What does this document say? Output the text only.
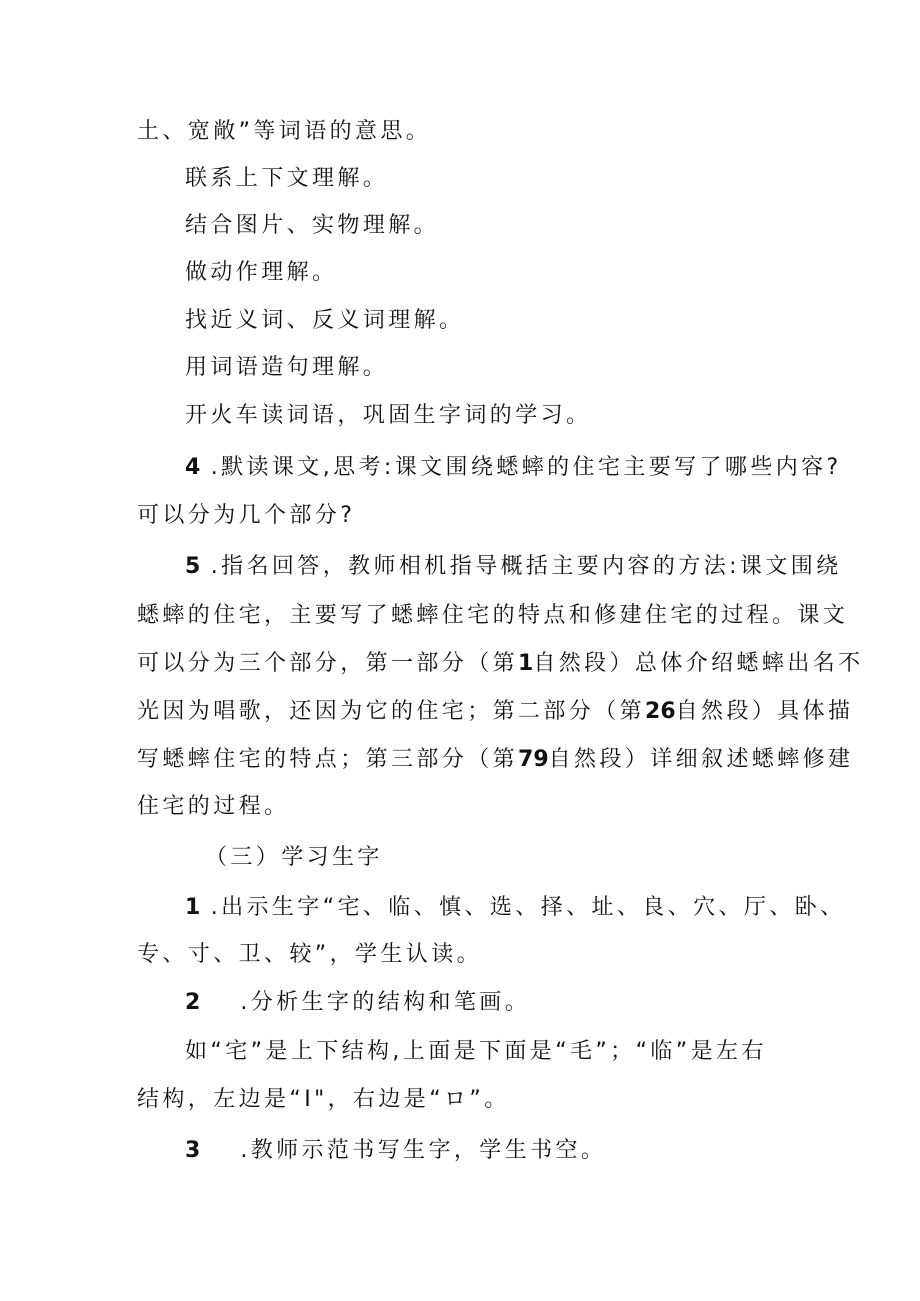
土、宽敞”等词语的意思。
联系上下文理解。
结合图片、实物理解。
做动作理解。
找近义词、反义词理解。
用词语造句理解。
开火车读词语，巩固生字词的学习。
4 .默读课文,思考:课文围绕蟋蟀的住宅主要写了哪些内容?
可以分为几个部分?
5 .指名回答，教师相机指导概括主要内容的方法:课文围绕
蟋蟀的住宅，主要写了蟋蟀住宅的特点和修建住宅的过程。课文
可以分为三个部分，第一部分（第1自然段）总体介绍蟋蟀出名不
光因为唱歌，还因为它的住宅；第二部分（第26自然段）具体描
写蟋蟀住宅的特点；第三部分（第79自然段）详细叙述蟋蟀修建
住宅的过程。
（三）学习生字
1 .出示生字“宅、临、慎、选、择、址、良、穴、厅、卧、
专、寸、卫、较”，学生认读。
2 .分析生字的结构和笔画。
如“宅”是上下结构,上面是下面是“毛”；“临”是左右
结构，左边是“I"，右边是“ロ”。
3 .教师示范书写生字，学生书空。
